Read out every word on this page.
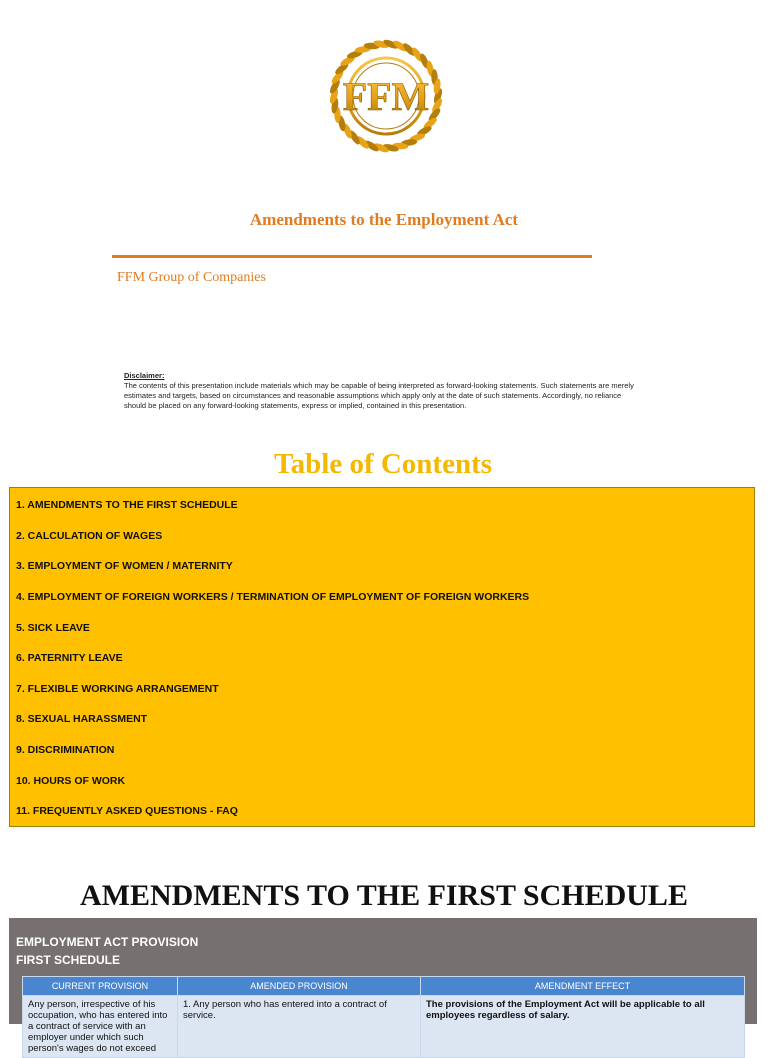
FFM
Amendments to the Employment Act
FFM Group of Companies
Disclaimer:
The contents of this presentation include materials which may be capable of being interpreted as forward-looking statements. Such statements are merely estimates and targets, based on circumstances and reasonable assumptions which apply only at the date of such statements. Accordingly, no reliance should be placed on any forward-looking statements, express or implied, contained in this presentation.
Table of Contents
1. AMENDMENTS TO THE FIRST SCHEDULE
2. CALCULATION OF WAGES
3. EMPLOYMENT OF WOMEN / MATERNITY
4. EMPLOYMENT OF FOREIGN WORKERS / TERMINATION OF EMPLOYMENT OF FOREIGN WORKERS
5. SICK LEAVE
6. PATERNITY LEAVE
7. FLEXIBLE WORKING ARRANGEMENT
8. SEXUAL HARASSMENT
9. DISCRIMINATION
10. HOURS OF WORK
11. FREQUENTLY ASKED QUESTIONS - FAQ
AMENDMENTS TO THE FIRST SCHEDULE
EMPLOYMENT ACT PROVISION
FIRST SCHEDULE
CURRENT PROVISION	AMENDED PROVISION	AMENDMENT EFFECT
Any person, irrespective of his occupation, who has entered into a contract of service with an employer under which such person's wages do not exceed	1. Any person who has entered into a contract of service.	The provisions of the Employment Act will be applicable to all employees regardless of salary.
